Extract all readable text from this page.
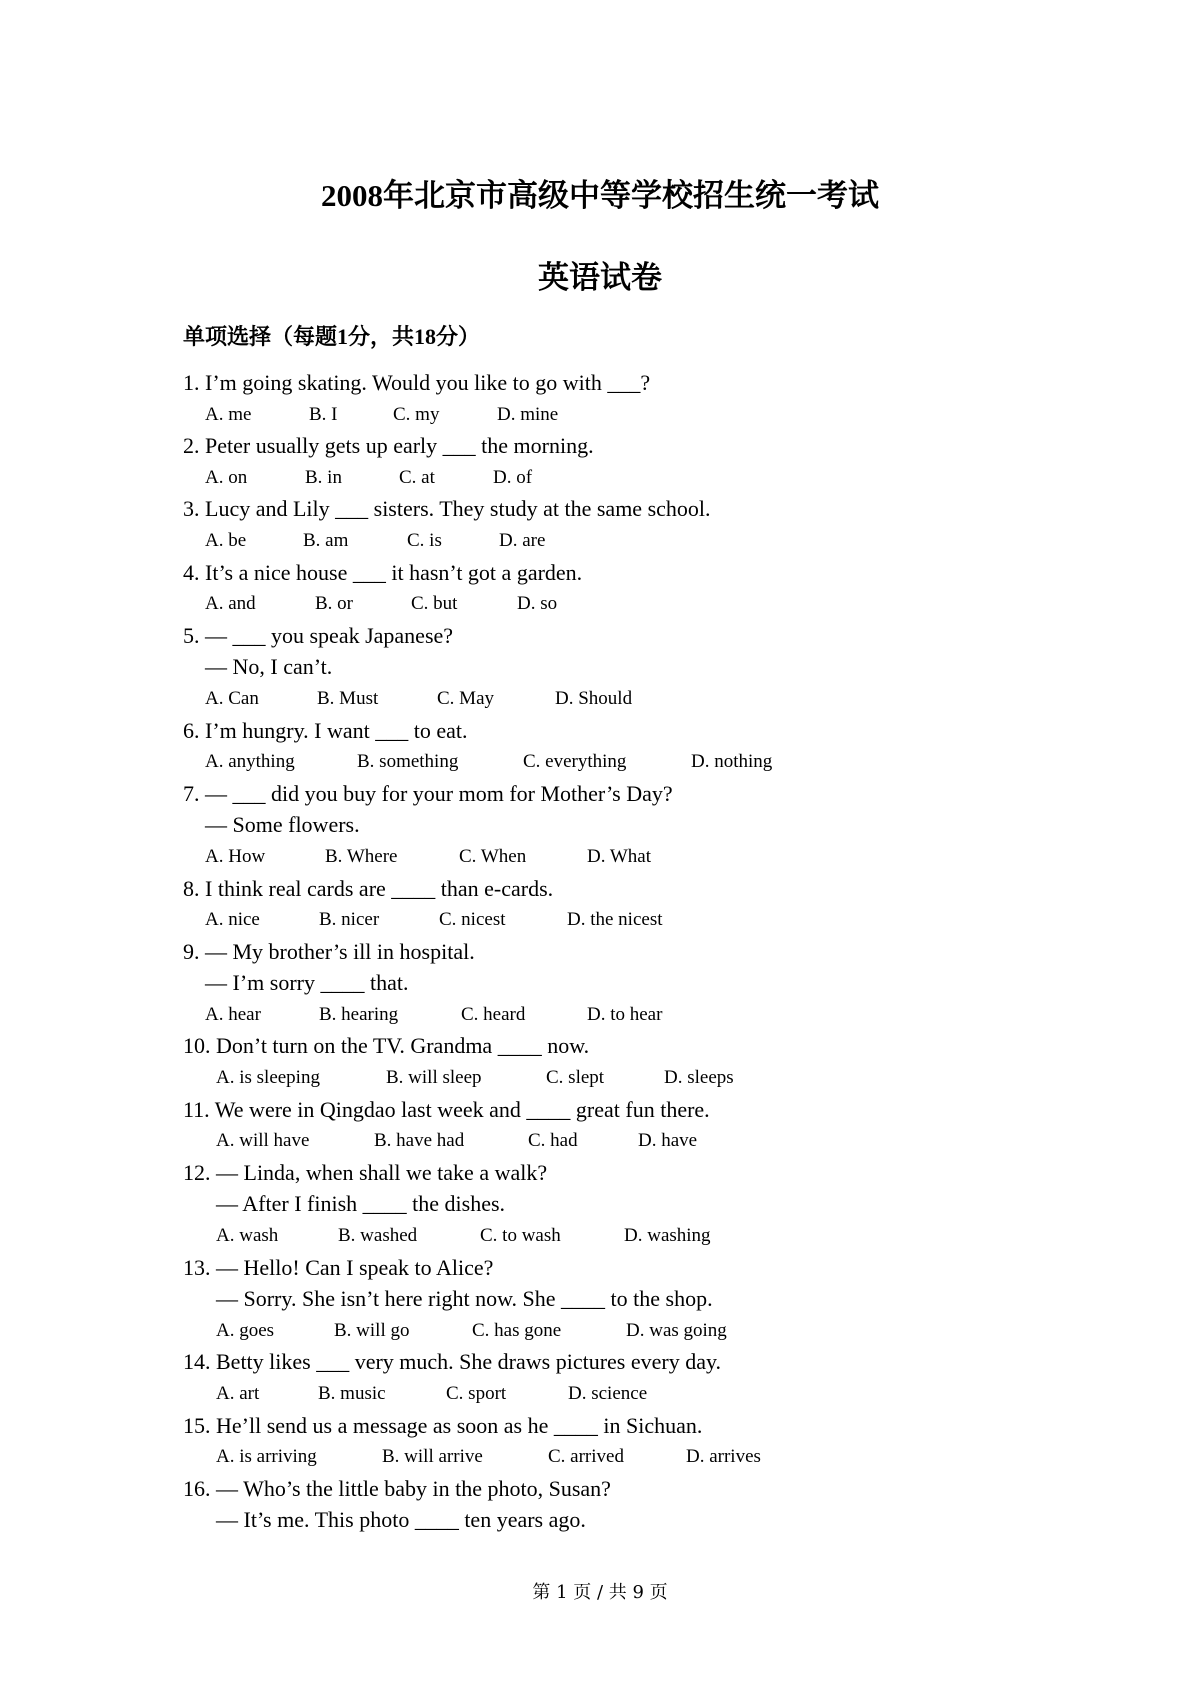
2008年北京市高级中等学校招生统一考试
英语试卷
单项选择（每题1分，共18分）
1. I’m going skating. Would you like to go with ___?
A. me	B. I	C. my	D. mine
2. Peter usually gets up early ___ the morning.
A. on	B. in	C. at	D. of
3. Lucy and Lily ___ sisters. They study at the same school.
A. be	B. am	C. is	D. are
4. It’s a nice house ___ it hasn’t got a garden.
A. and	B. or	C. but	D. so
5. — ___ you speak Japanese?
— No, I can’t.
A. Can	B. Must	C. May	D. Should
6. I’m hungry. I want ___ to eat.
A. anything	B. something	C. everything	D. nothing
7. — ___ did you buy for your mom for Mother’s Day?
— Some flowers.
A. How	B. Where	C. When	D. What
8. I think real cards are ____ than e-cards.
A. nice	B. nicer	C. nicest	D. the nicest
9. — My brother’s ill in hospital.
— I’m sorry ____ that.
A. hear	B. hearing	C. heard	D. to hear
10. Don’t turn on the TV. Grandma ____ now.
A. is sleeping	B. will sleep	C. slept	D. sleeps
11. We were in Qingdao last week and ____ great fun there.
A. will have	B. have had	C. had	D. have
12. — Linda, when shall we take a walk?
— After I finish ____ the dishes.
A. wash	B. washed	C. to wash	D. washing
13. — Hello! Can I speak to Alice?
— Sorry. She isn’t here right now. She ____ to the shop.
A. goes	B. will go	C. has gone	D. was going
14. Betty likes ___ very much. She draws pictures every day.
A. art	B. music	C. sport	D. science
15. He’ll send us a message as soon as he ____ in Sichuan.
A. is arriving	B. will arrive	C. arrived	D. arrives
16. — Who’s the little baby in the photo, Susan?
— It’s me. This photo ____ ten years ago.
第 1 页 / 共 9 页
